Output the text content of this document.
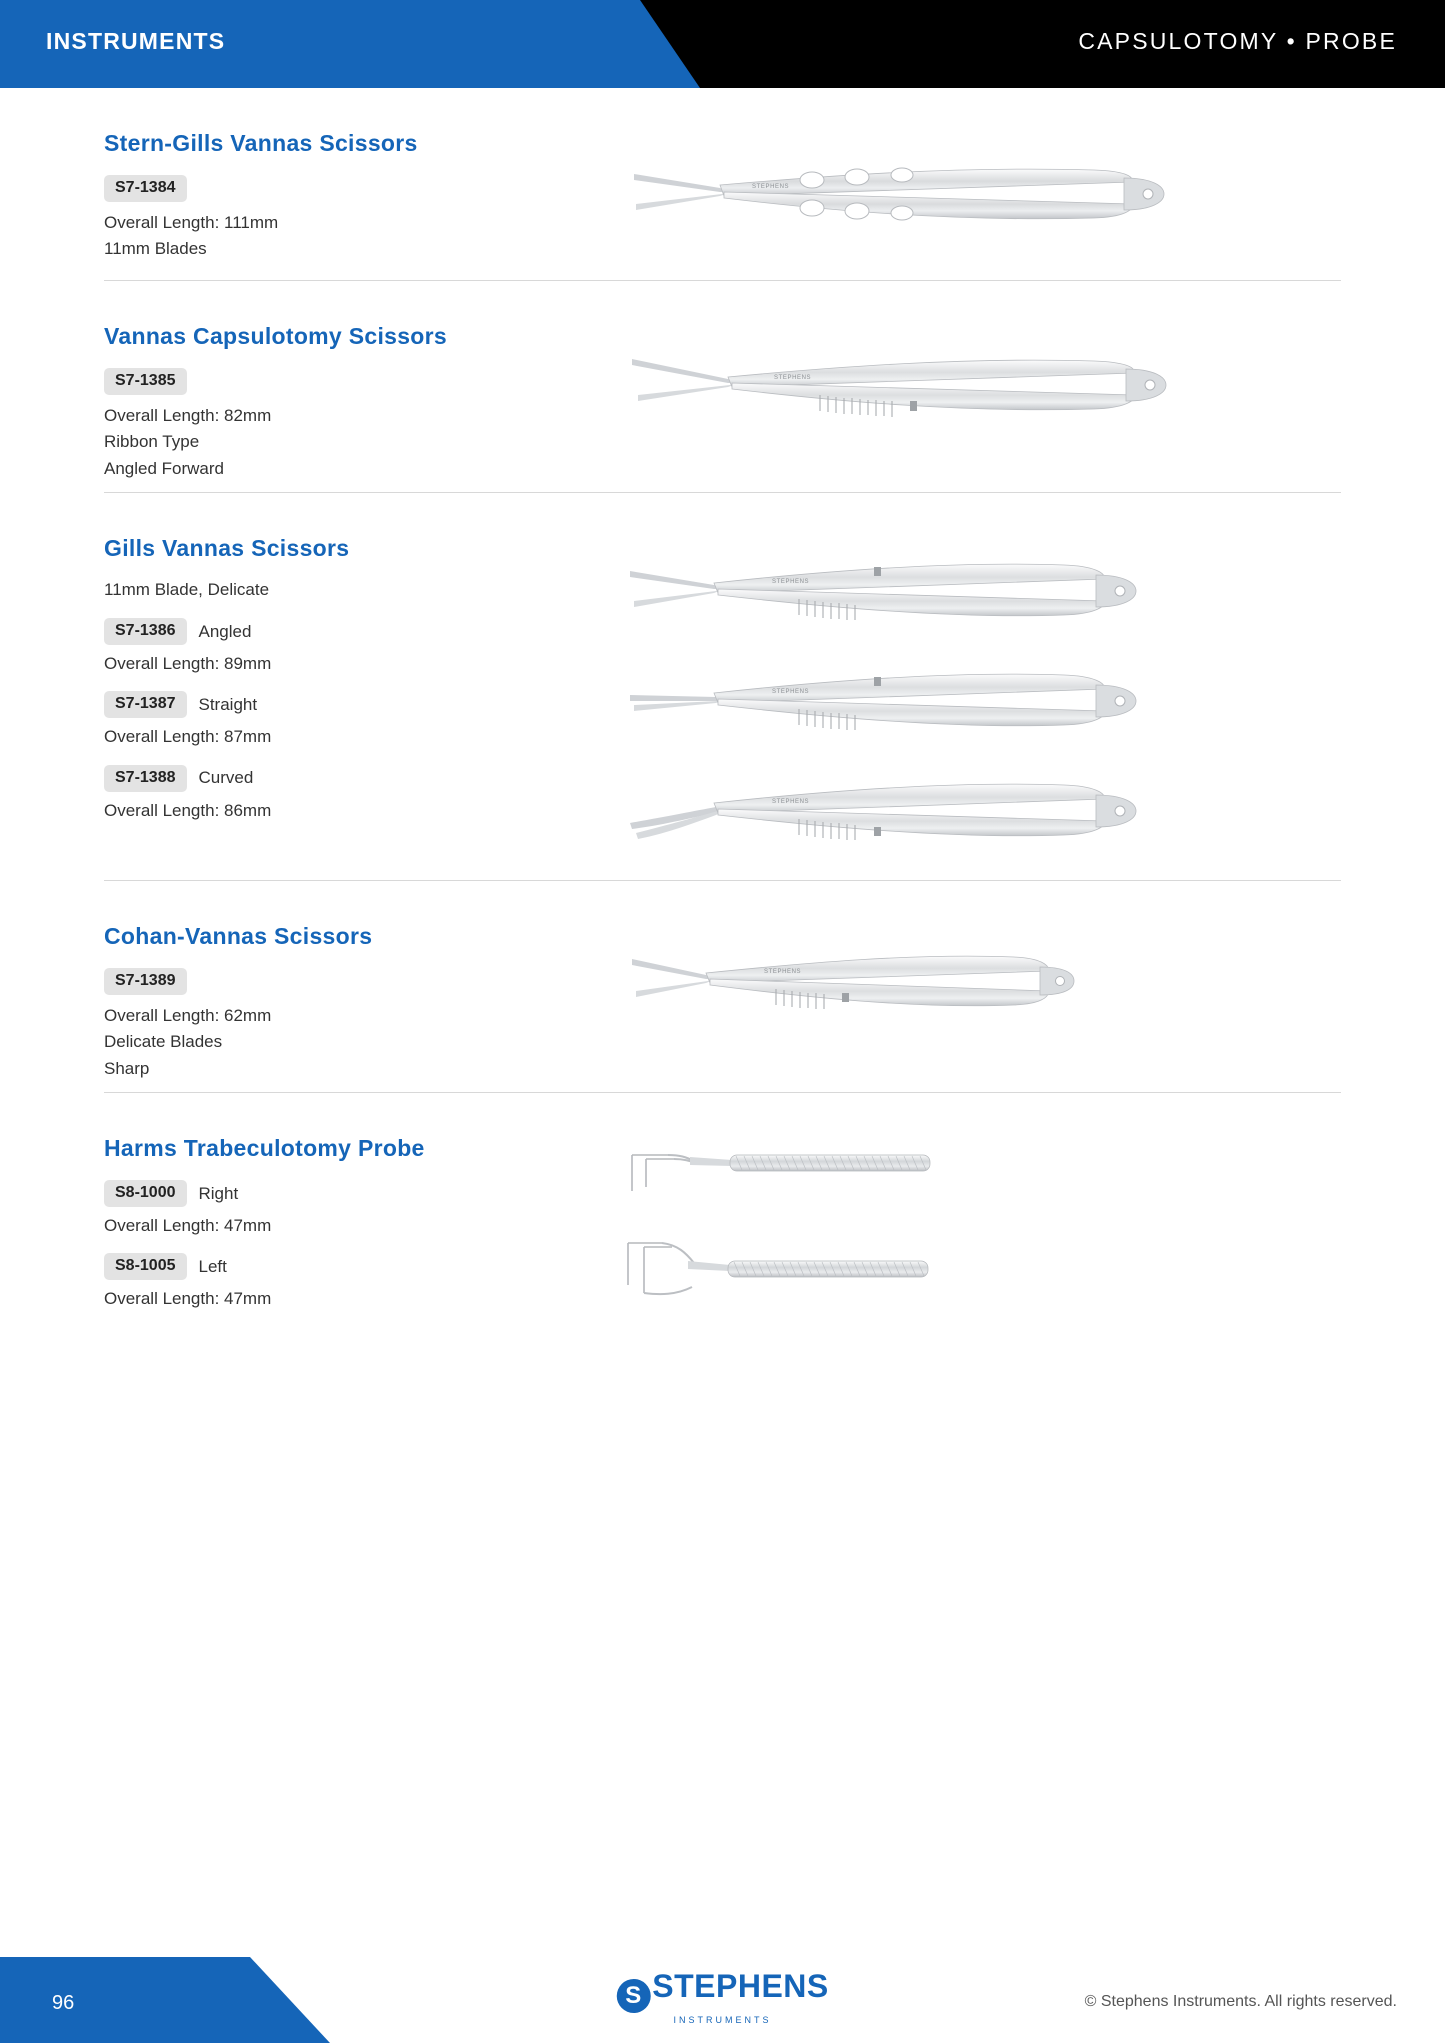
INSTRUMENTS	CAPSULOTOMY • PROBE
Stern-Gills Vannas Scissors
S7-1384

Overall Length: 111mm

11mm Blades

STEPHENS
Vannas Capsulotomy Scissors
S7-1385

Overall Length: 82mm

Ribbon Type

Angled Forward

STEPHENS
Gills Vannas Scissors
11mm Blade, Delicate
S7-1386	Angled

Overall Length: 89mm

S7-1387	Straight

Overall Length: 87mm

S7-1388	Curved

Overall Length: 86mm

STEPHENS
STEPHENS
STEPHENS
Cohan-Vannas Scissors
S7-1389

Overall Length: 62mm

Delicate Blades

Sharp

STEPHENS
Harms Trabeculotomy Probe
S8-1000	Right

Overall Length: 47mm

S8-1005	Left

Overall Length: 47mm

96	S STEPHENS
INSTRUMENTS
© Stephens Instruments. All rights reserved.
